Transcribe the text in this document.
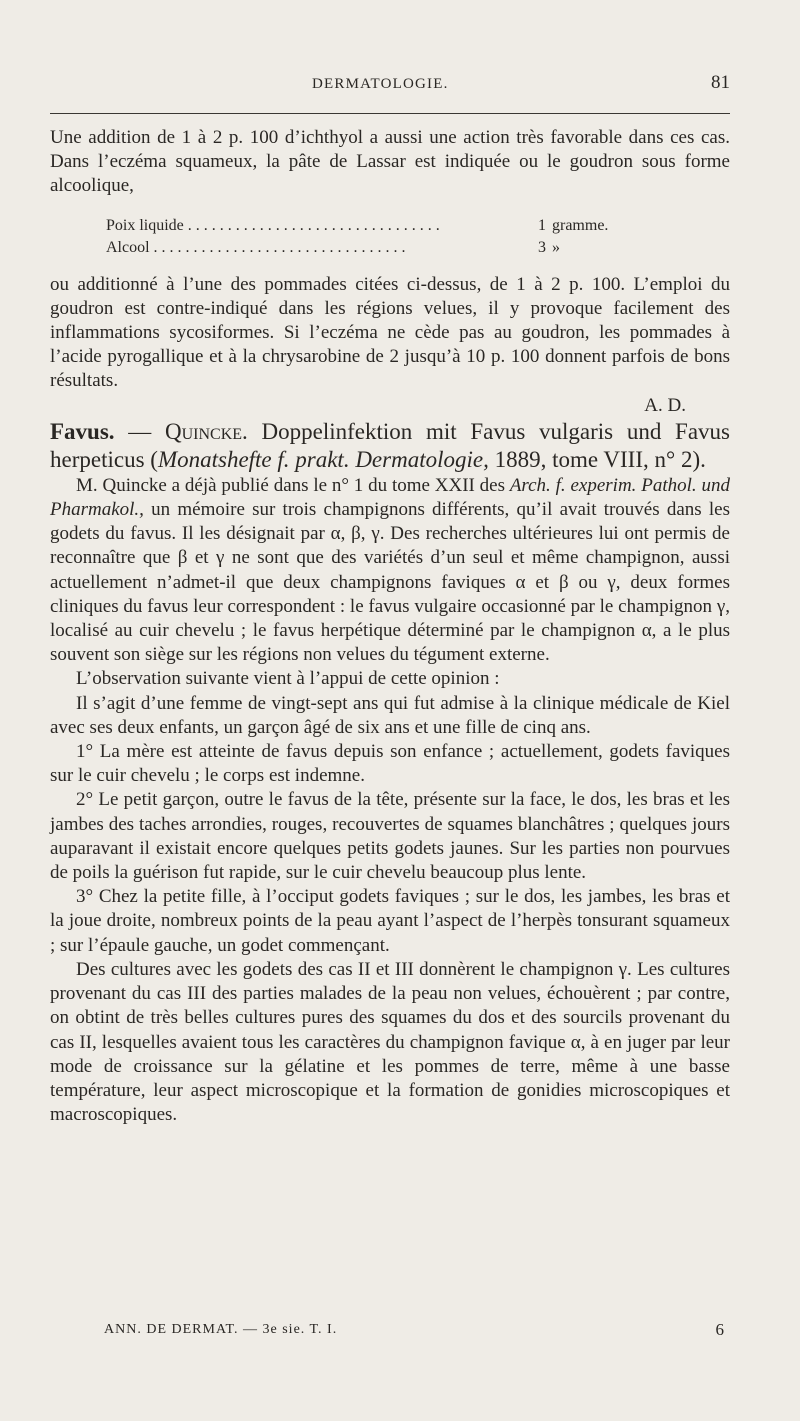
DERMATOLOGIE.	81

Une addition de 1 à 2 p. 100 d’ichthyol a aussi une action très favorable dans ces cas. Dans l’eczéma squameux, la pâte de Lassar est indiquée ou le goudron sous forme alcoolique,

Poix liquide . . .	1 gramme.
Alcool . . .	3 »

ou additionné à l’une des pommades citées ci-dessus, de 1 à 2 p. 100. L’emploi du goudron est contre-indiqué dans les régions velues, il y provoque facilement des inflammations sycosiformes. Si l’eczéma ne cède pas au goudron, les pommades à l’acide pyrogallique et à la chrysarobine de 2 jusqu’à 10 p. 100 donnent parfois de bons résultats.

A. D.

Favus. — Quincke. Doppelinfektion mit Favus vulgaris und Favus herpeticus (Monatshefte f. prakt. Dermatologie, 1889, tome VIII, n° 2).

M. Quincke a déjà publié dans le n° 1 du tome XXII des Arch. f. experim. Pathol. und Pharmakol., un mémoire sur trois champignons différents, qu’il avait trouvés dans les godets du favus. Il les désignait par α, β, γ. Des recherches ultérieures lui ont permis de reconnaître que β et γ ne sont que des variétés d’un seul et même champignon, aussi actuellement n’admet-il que deux champignons faviques α et β ou γ, deux formes cliniques du favus leur correspondent : le favus vulgaire occasionné par le champignon γ, localisé au cuir chevelu ; le favus herpétique déterminé par le champignon α, a le plus souvent son siège sur les régions non velues du tégument externe.

L’observation suivante vient à l’appui de cette opinion :

Il s’agit d’une femme de vingt-sept ans qui fut admise à la clinique médicale de Kiel avec ses deux enfants, un garçon âgé de six ans et une fille de cinq ans.

1° La mère est atteinte de favus depuis son enfance ; actuellement, godets faviques sur le cuir chevelu ; le corps est indemne.

2° Le petit garçon, outre le favus de la tête, présente sur la face, le dos, les bras et les jambes des taches arrondies, rouges, recouvertes de squames blanchâtres ; quelques jours auparavant il existait encore quelques petits godets jaunes. Sur les parties non pourvues de poils la guérison fut rapide, sur le cuir chevelu beaucoup plus lente.

3° Chez la petite fille, à l’occiput godets faviques ; sur le dos, les jambes, les bras et la joue droite, nombreux points de la peau ayant l’aspect de l’herpès tonsurant squameux ; sur l’épaule gauche, un godet commençant.

Des cultures avec les godets des cas II et III donnèrent le champignon γ. Les cultures provenant du cas III des parties malades de la peau non velues, échouèrent ; par contre, on obtint de très belles cultures pures des squames du dos et des sourcils provenant du cas II, lesquelles avaient tous les caractères du champignon favique α, à en juger par leur mode de croissance sur la gélatine et les pommes de terre, même à une basse température, leur aspect microscopique et la formation de gonidies microscopiques et macroscopiques.

ANN. DE DERMAT. — 3e sie. T. I.	6
